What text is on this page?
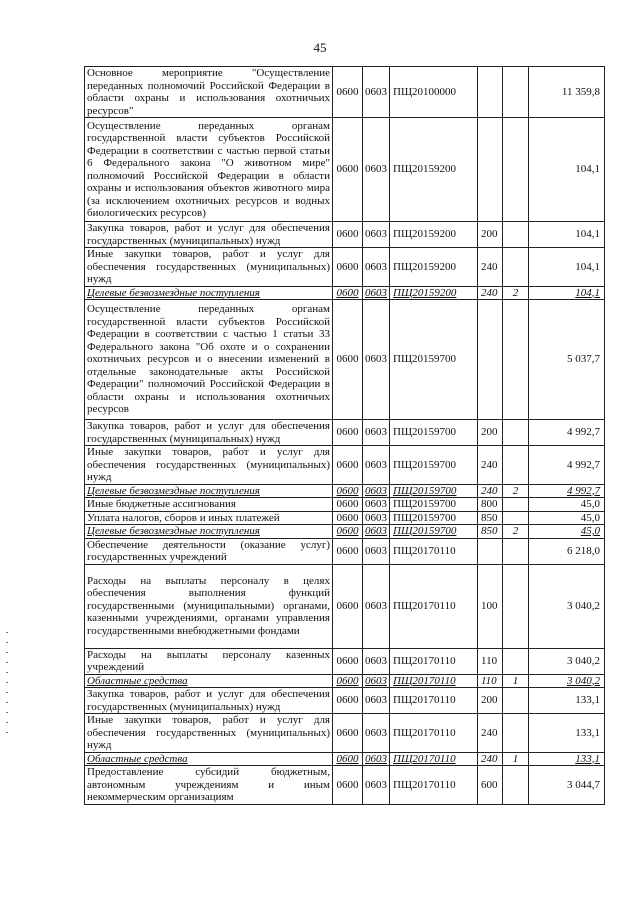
45
Основное мероприятие "Осуществление переданных полномочий Российской Федерации в области охраны и использования охотничьих ресурсов"	0600	0603	ПЩ20100000			11 359,8
Осуществление переданных органам государственной власти субъектов Российской Федерации в соответствии с частью первой статьи 6 Федерального закона "О животном мире" полномочий Российской Федерации в области охраны и использования объектов животного мира (за исключением охотничьих ресурсов и водных биологических ресурсов)	0600	0603	ПЩ20159200			104,1
Закупка товаров, работ и услуг для обеспечения государственных (муниципальных) нужд	0600	0603	ПЩ20159200	200		104,1
Иные закупки товаров, работ и услуг для обеспечения государственных (муниципальных) нужд	0600	0603	ПЩ20159200	240		104,1
Целевые безвозмездные поступления	0600	0603	ПЩ20159200	240	2	104,1
Осуществление переданных органам государственной власти субъектов Российской Федерации в соответствии с частью 1 статьи 33 Федерального закона "Об охоте и о сохранении охотничьих ресурсов и о внесении изменений в отдельные законодательные акты Российской Федерации" полномочий Российской Федерации в области охраны и использования охотничьих ресурсов	0600	0603	ПЩ20159700			5 037,7
Закупка товаров, работ и услуг для обеспечения государственных (муниципальных) нужд	0600	0603	ПЩ20159700	200		4 992,7
Иные закупки товаров, работ и услуг для обеспечения государственных (муниципальных) нужд	0600	0603	ПЩ20159700	240		4 992,7
Целевые безвозмездные поступления	0600	0603	ПЩ20159700	240	2	4 992,7
Иные бюджетные ассигнования	0600	0603	ПЩ20159700	800		45,0
Уплата налогов, сборов и иных платежей	0600	0603	ПЩ20159700	850		45,0
Целевые безвозмездные поступления	0600	0603	ПЩ20159700	850	2	45,0
Обеспечение деятельности (оказание услуг) государственных учреждений	0600	0603	ПЩ20170110			6 218,0
Расходы на выплаты персоналу в целях обеспечения выполнения функций государственными (муниципальными) органами, казенными учреждениями, органами управления государственными внебюджетными фондами	0600	0603	ПЩ20170110	100		3 040,2
Расходы на выплаты персоналу казенных учреждений	0600	0603	ПЩ20170110	110		3 040,2
Областные средства	0600	0603	ПЩ20170110	110	1	3 040,2
Закупка товаров, работ и услуг для обеспечения государственных (муниципальных) нужд	0600	0603	ПЩ20170110	200		133,1
Иные закупки товаров, работ и услуг для обеспечения государственных (муниципальных) нужд	0600	0603	ПЩ20170110	240		133,1
Областные средства	0600	0603	ПЩ20170110	240	1	133,1
Предоставление субсидий бюджетным, автономным учреждениям и иным некоммерческим организациям	0600	0603	ПЩ20170110	600		3 044,7
